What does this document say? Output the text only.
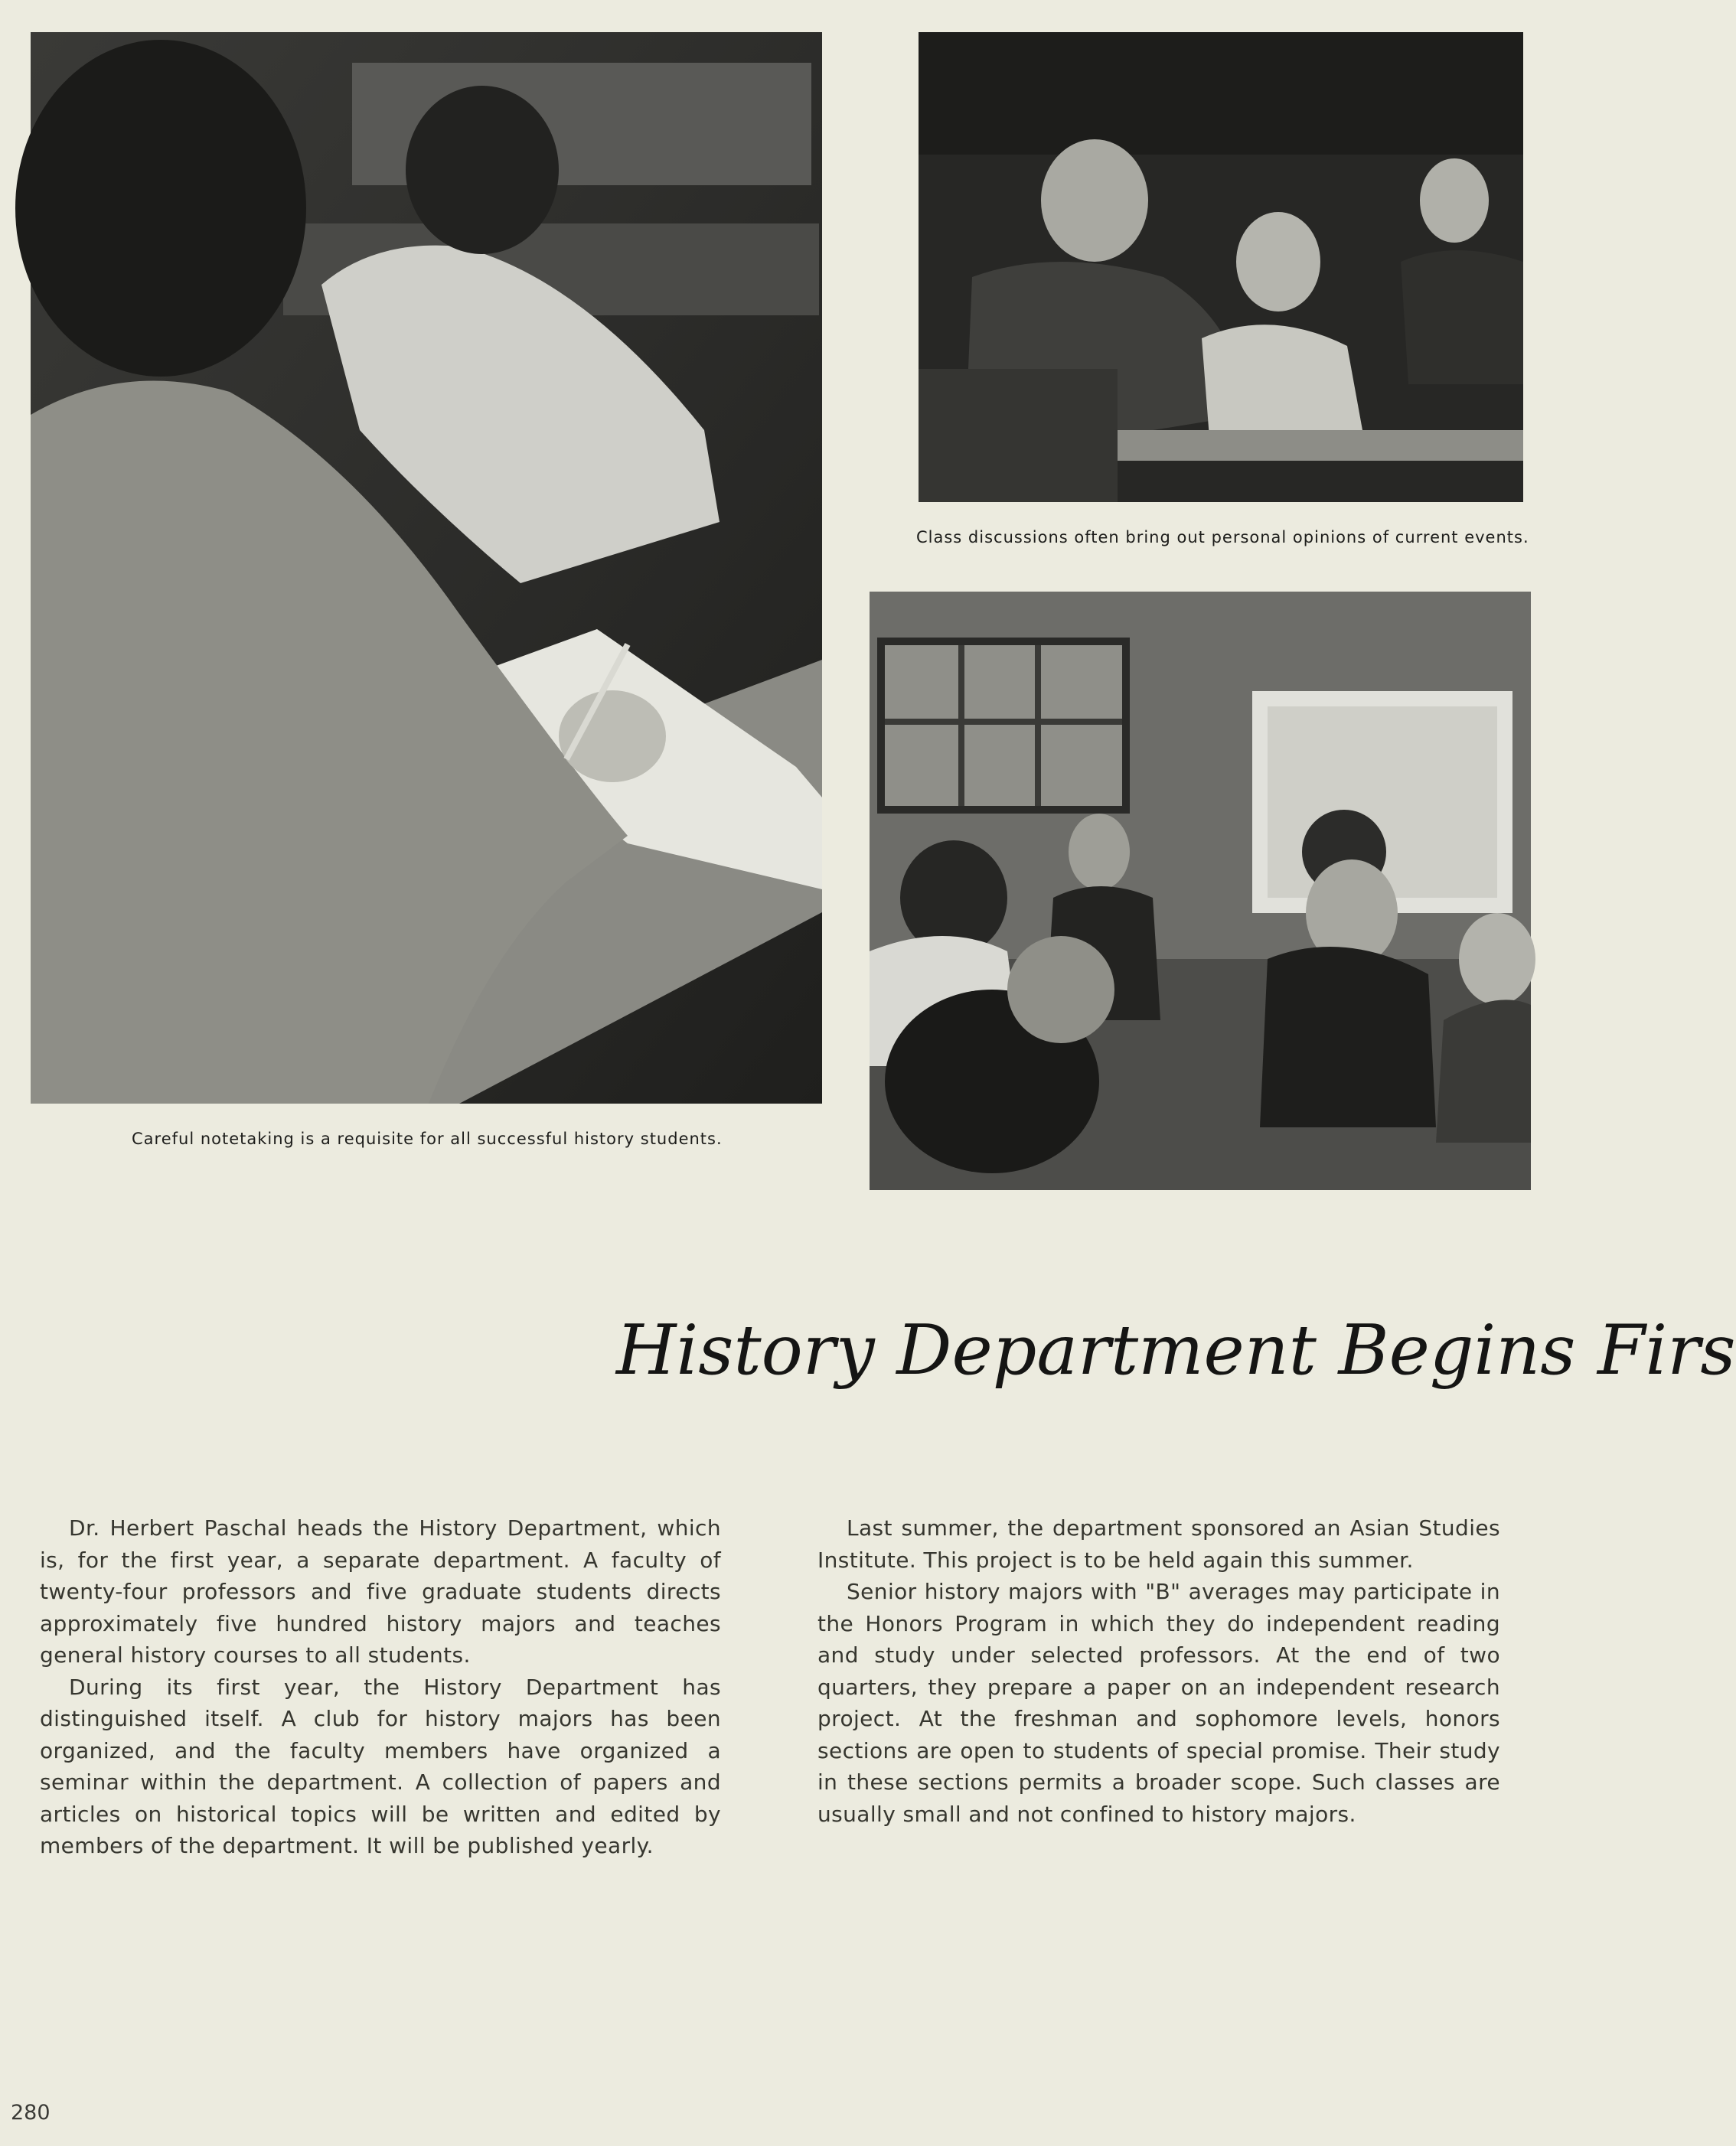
Careful notetaking is a requisite for all successful history students.
Class discussions often bring out personal opinions of current events.
History Department Begins Firs

Dr. Herbert Paschal heads the History Department, which is, for the first year, a separate department. A faculty of twenty-four professors and five graduate students directs approximately five hundred history majors and teaches general history courses to all students.

During its first year, the History Department has distinguished itself. A club for history majors has been organized, and the faculty members have organized a seminar within the department. A collection of papers and articles on historical topics will be written and edited by members of the department. It will be published yearly.

Last summer, the department sponsored an Asian Studies Institute. This project is to be held again this summer.

Senior history majors with "B" averages may participate in the Honors Program in which they do independent reading and study under selected professors. At the end of two quarters, they prepare a paper on an independent research project. At the freshman and sophomore levels, honors sections are open to students of special promise. Their study in these sections permits a broader scope. Such classes are usually small and not confined to history majors.

280
